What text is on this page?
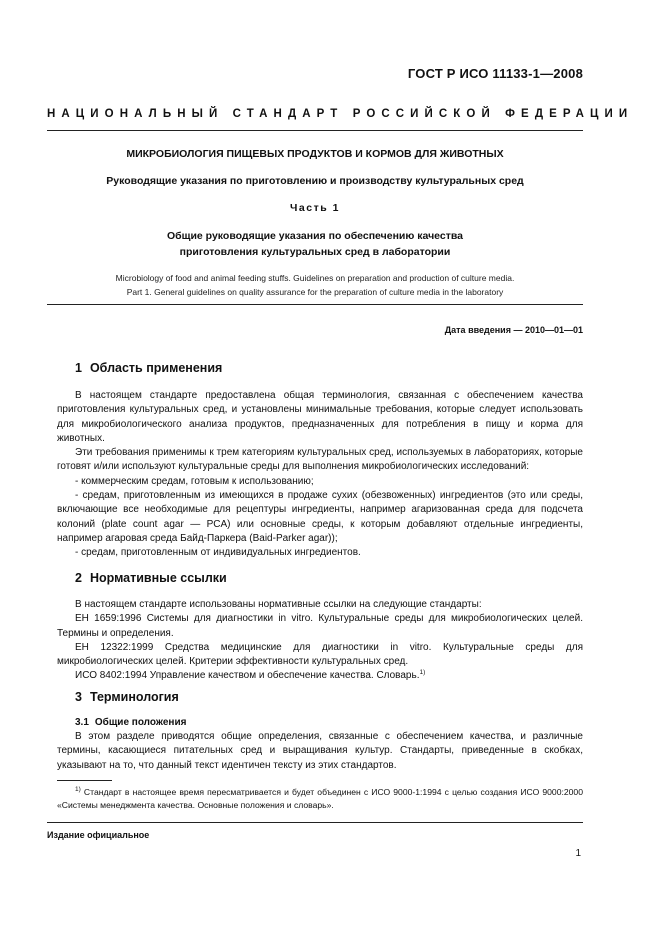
ГОСТ Р ИСО 11133-1—2008
НАЦИОНАЛЬНЫЙ СТАНДАРТ РОССИЙСКОЙ ФЕДЕРАЦИИ
МИКРОБИОЛОГИЯ ПИЩЕВЫХ ПРОДУКТОВ И КОРМОВ ДЛЯ ЖИВОТНЫХ
Руководящие указания по приготовлению и производству культуральных сред
Часть 1
Общие руководящие указания по обеспечению качества
приготовления культуральных сред в лаборатории
Microbiology of food and animal feeding stuffs. Guidelines on preparation and production of culture media.
Part 1. General guidelines on quality assurance for the preparation of culture media in the laboratory
Дата введения — 2010—01—01
1 Область применения

В настоящем стандарте предоставлена общая терминология, связанная с обеспечением качества приготовления культуральных сред, и установлены минимальные требования, которые следует использовать для микробиологического анализа продуктов, предназначенных для потребления в пищу и корма для животных.

Эти требования применимы к трем категориям культуральных сред, используемых в лабораториях, которые готовят и/или используют культуральные среды для выполнения микробиологических исследований:

- коммерческим средам, готовым к использованию;

- средам, приготовленным из имеющихся в продаже сухих (обезвоженных) ингредиентов (это или среды, включающие все необходимые для рецептуры ингредиенты, например агаризованная среда для подсчета колоний (plate count agar — PCA) или основные среды, к которым добавляют отдельные ингредиенты, например агаровая среда Байд-Паркера (Baid-Parker agar));

- средам, приготовленным от индивидуальных ингредиентов.

2 Нормативные ссылки

В настоящем стандарте использованы нормативные ссылки на следующие стандарты:

ЕН 1659:1996 Системы для диагностики in vitro. Культуральные среды для микробиологических целей. Термины и определения.

ЕН 12322:1999 Средства медицинские для диагностики in vitro. Культуральные среды для микробиологических целей. Критерии эффективности культуральных сред.

ИСО 8402:1994 Управление качеством и обеспечение качества. Словарь.$^{1)}$

3 Терминология
3.1 Общие положения

В этом разделе приводятся общие определения, связанные с обеспечением качества, и различные термины, касающиеся питательных сред и выращивания культур. Стандарты, приведенные в скобках, указывают на то, что данный текст идентичен тексту из этих стандартов.

$^{1)}$ Стандарт в настоящее время пересматривается и будет объединен с ИСО 9000-1:1994 с целью создания ИСО 9000:2000 «Системы менеджмента качества. Основные положения и словарь».

Издание официальное
1
